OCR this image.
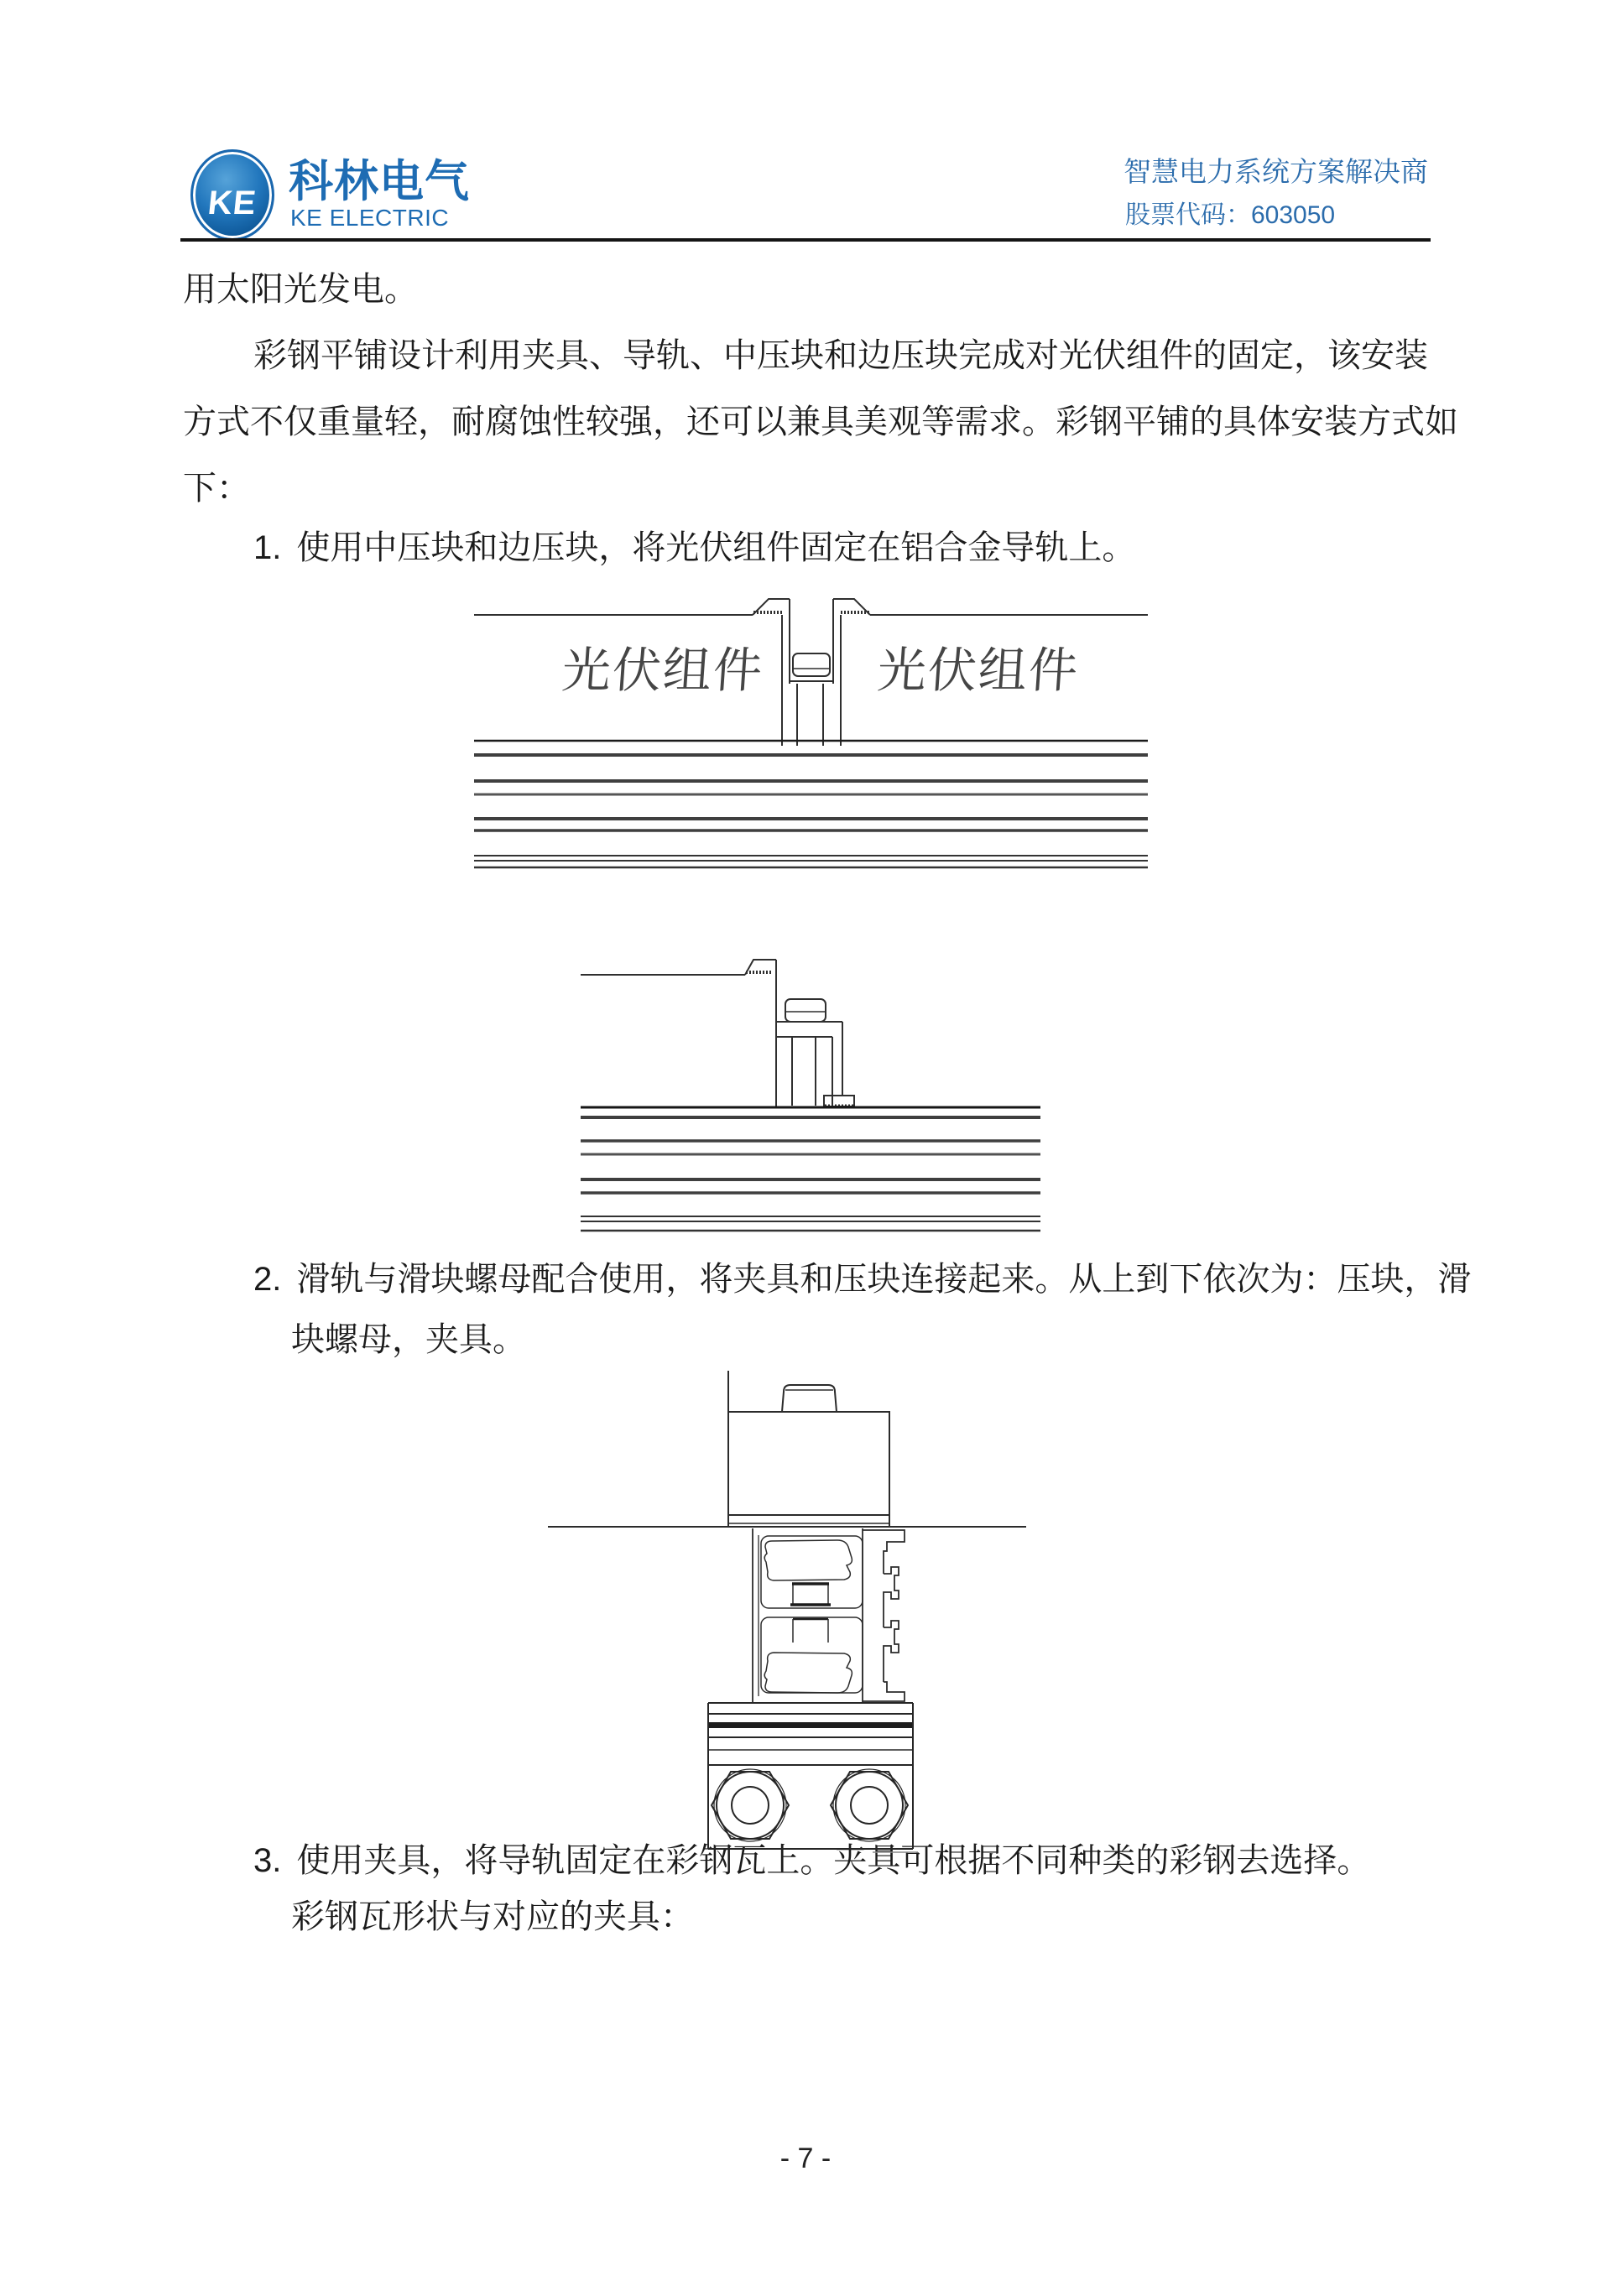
KE 科林电气
KE ELECTRIC
智慧电力系统方案解决商
股票代码：603050
用太阳光发电。
彩钢平铺设计利用夹具、导轨、中压块和边压块完成对光伏组件的固定，该安装
方式不仅重量轻，耐腐蚀性较强，还可以兼具美观等需求。彩钢平铺的具体安装方式如
下：
1. 使用中压块和边压块，将光伏组件固定在铝合金导轨上。
2. 滑轨与滑块螺母配合使用，将夹具和压块连接起来。从上到下依次为：压块，滑
块螺母，夹具。
3. 使用夹具，将导轨固定在彩钢瓦上。夹具可根据不同种类的彩钢去选择。
彩钢瓦形状与对应的夹具：
光伏组件 光伏组件
- 7 -
